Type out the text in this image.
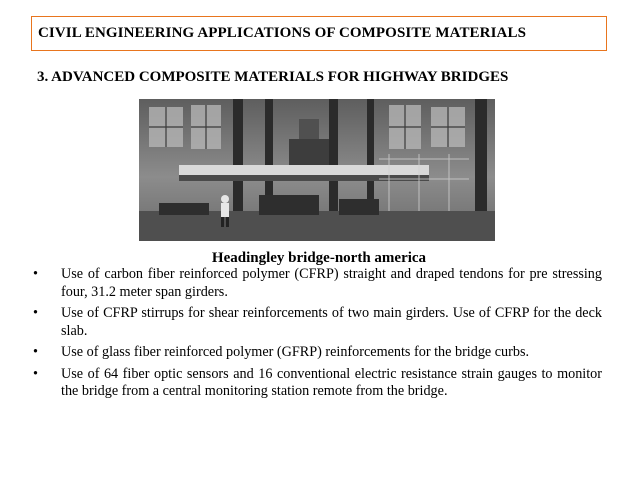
CIVIL ENGINEERING APPLICATIONS OF COMPOSITE MATERIALS
3. ADVANCED COMPOSITE MATERIALS FOR HIGHWAY BRIDGES
Headingley bridge-north america
• Use of carbon fiber reinforced polymer (CFRP) straight and draped tendons for pre stressing four, 31.2 meter span girders.
• Use of CFRP stirrups for shear reinforcements of two main girders. Use of CFRP for the deck slab.
• Use of glass fiber reinforced polymer (GFRP) reinforcements for the bridge curbs.
• Use of 64 fiber optic sensors and 16 conventional electric resistance strain gauges to monitor the bridge from a central monitoring station remote from the bridge.
